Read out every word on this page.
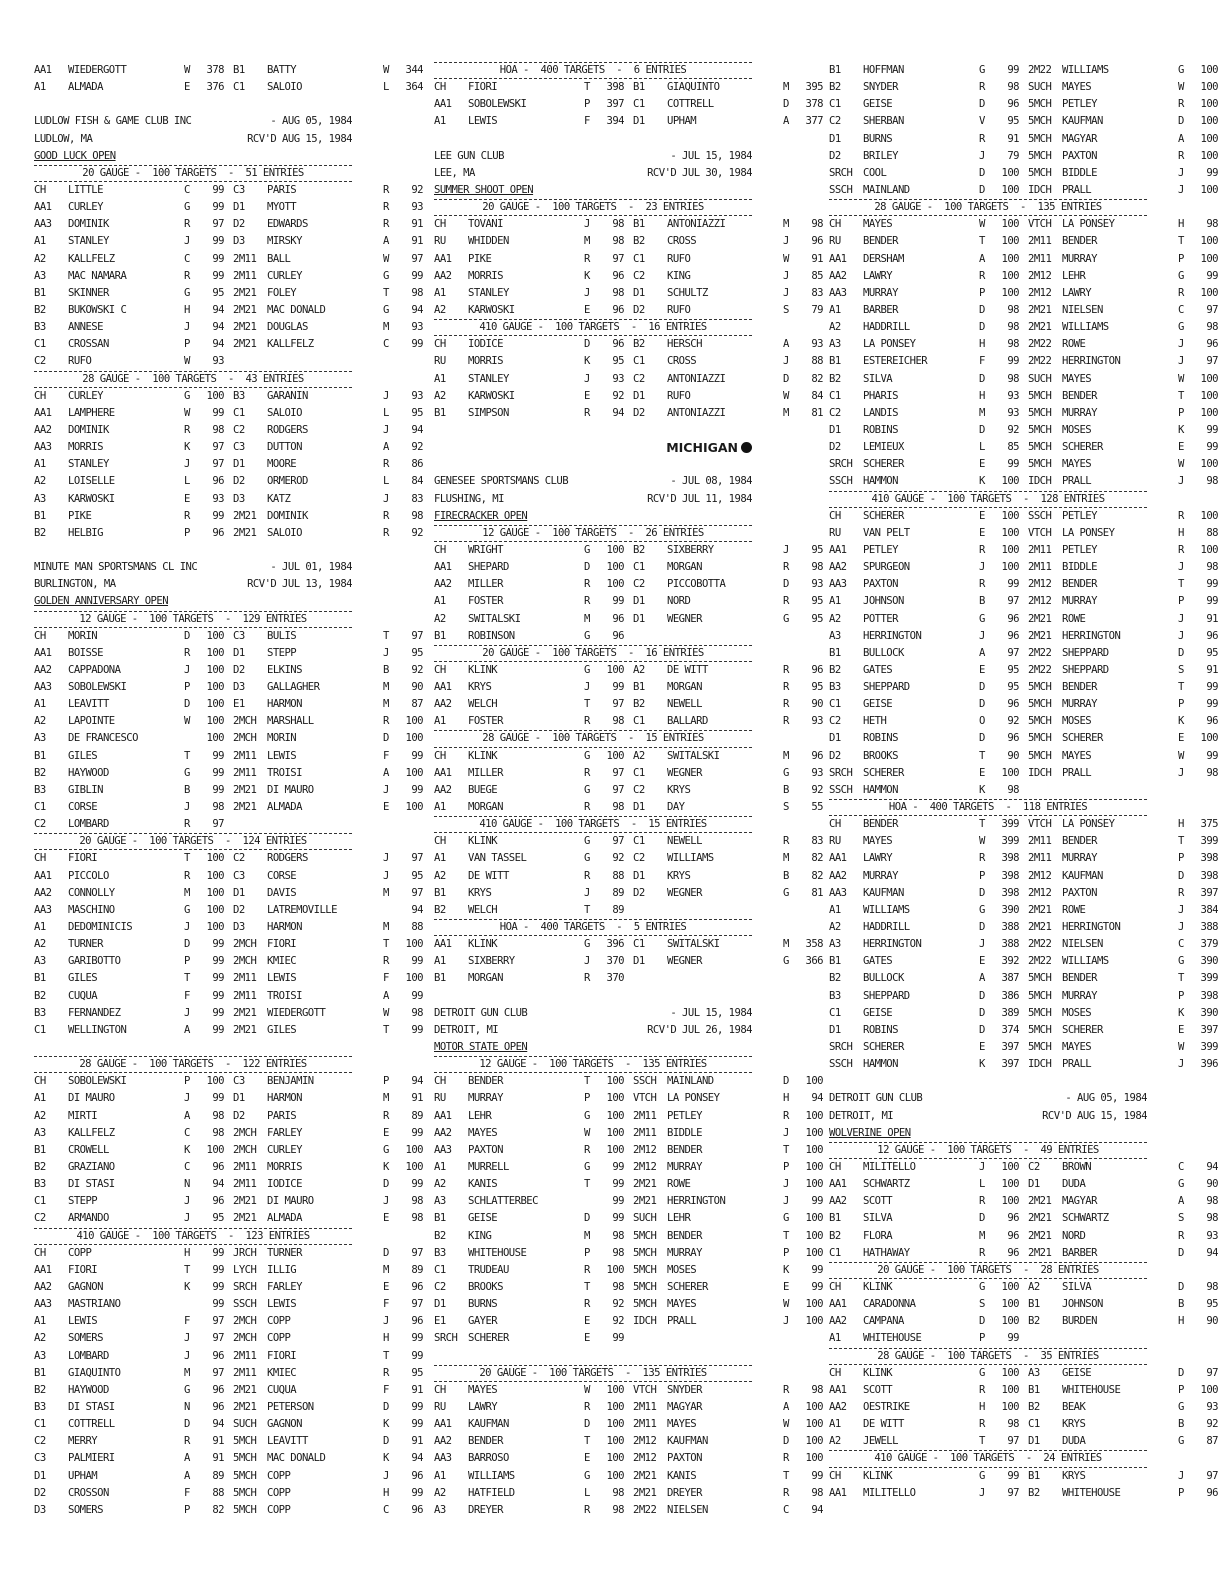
AA1	WIEDERGOTT	W	378 B1	BATTY	W	344
A1	ALMADA	E	376 C1	SALOIO	L	364
LUDLOW FISH & GAME CLUB INC	- AUG 05, 1984
LUDLOW, MA	RCV'D AUG 15, 1984
GOOD LUCK OPEN
20 GAUGE -  100 TARGETS  -  51 ENTRIES
CH	LITTLE	C	99 C3	PARIS	R	92
AA1	CURLEY	G	99 D1	MYOTT	R	93
AA3	DOMINIK	R	97 D2	EDWARDS	R	91
A1	STANLEY	J	99 D3	MIRSKY	A	91
A2	KALLFELZ	C	99 2M11	BALL	W	97
A3	MAC NAMARA	R	99 2M11	CURLEY	G	99
B1	SKINNER	G	95 2M21	FOLEY	T	98
B2	BUKOWSKI C	H	94 2M21	MAC DONALD	G	94
B3	ANNESE	J	94 2M21	DOUGLAS	M	93
C1	CROSSAN	P	94 2M21	KALLFELZ	C	99
C2	RUFO	W	93
28 GAUGE -  100 TARGETS  -  43 ENTRIES
CH	CURLEY	G	100 B3	GARANIN	J	93
AA1	LAMPHERE	W	99 C1	SALOIO	L	95
AA2	DOMINIK	R	98 C2	RODGERS	J	94
AA3	MORRIS	K	97 C3	DUTTON	A	92
A1	STANLEY	J	97 D1	MOORE	R	86
A2	LOISELLE	L	96 D2	ORMEROD	L	84
A3	KARWOSKI	E	93 D3	KATZ	J	83
B1	PIKE	R	99 2M21	DOMINIK	R	98
B2	HELBIG	P	96 2M21	SALOIO	R	92
MINUTE MAN SPORTSMANS CL INC	- JUL 01, 1984
BURLINGTON, MA	RCV'D JUL 13, 1984
GOLDEN ANNIVERSARY OPEN
12 GAUGE -  100 TARGETS  -  129 ENTRIES
CH	MORIN	D	100 C3	BULIS	T	97
AA1	BOISSE	R	100 D1	STEPP	J	95
AA2	CAPPADONA	J	100 D2	ELKINS	B	92
AA3	SOBOLEWSKI	P	100 D3	GALLAGHER	M	90
A1	LEAVITT	D	100 E1	HARMON	M	87
A2	LAPOINTE	W	100 2MCH	MARSHALL	R	100
A3	DE FRANCESCO	100 2MCH	MORIN	D	100
B1	GILES	T	99 2M11	LEWIS	F	99
B2	HAYWOOD	G	99 2M11	TROISI	A	100
B3	GIBLIN	B	99 2M21	DI MAURO	J	99
C1	CORSE	J	98 2M21	ALMADA	E	100
C2	LOMBARD	R	97
20 GAUGE -  100 TARGETS  -  124 ENTRIES
CH	FIORI	T	100 C2	RODGERS	J	97
AA1	PICCOLO	R	100 C3	CORSE	J	95
AA2	CONNOLLY	M	100 D1	DAVIS	M	97
AA3	MASCHINO	G	100 D2	LATREMOVILLE	94
A1	DEDOMINICIS	J	100 D3	HARMON	M	88
A2	TURNER	D	99 2MCH	FIORI	T	100
A3	GARIBOTTO	P	99 2MCH	KMIEC	R	99
B1	GILES	T	99 2M11	LEWIS	F	100
B2	CUQUA	F	99 2M11	TROISI	A	99
B3	FERNANDEZ	J	99 2M21	WIEDERGOTT	W	98
C1	WELLINGTON	A	99 2M21	GILES	T	99
28 GAUGE -  100 TARGETS  -  122 ENTRIES
CH	SOBOLEWSKI	P	100 C3	BENJAMIN	P	94
A1	DI MAURO	J	99 D1	HARMON	M	91
A2	MIRTI	A	98 D2	PARIS	R	89
A3	KALLFELZ	C	98 2MCH	FARLEY	E	99
B1	CROWELL	K	100 2MCH	CURLEY	G	100
B2	GRAZIANO	C	96 2M11	MORRIS	K	100
B3	DI STASI	N	94 2M11	IODICE	D	99
C1	STEPP	J	96 2M21	DI MAURO	J	98
C2	ARMANDO	J	95 2M21	ALMADA	E	98
410 GAUGE -  100 TARGETS  -  123 ENTRIES
CH	COPP	H	99 JRCH	TURNER	D	97
AA1	FIORI	T	99 LYCH	ILLIG	M	89
AA2	GAGNON	K	99 SRCH	FARLEY	E	96
AA3	MASTRIANO	99 SSCH	LEWIS	F	97
A1	LEWIS	F	97 2MCH	COPP	J	96
A2	SOMERS	J	97 2MCH	COPP	H	99
A3	LOMBARD	J	96 2M11	FIORI	T	99
B1	GIAQUINTO	M	97 2M11	KMIEC	R	95
B2	HAYWOOD	G	96 2M21	CUQUA	F	91
B3	DI STASI	N	96 2M21	PETERSON	D	99
C1	COTTRELL	D	94 SUCH	GAGNON	K	99
C2	MERRY	R	91 5MCH	LEAVITT	D	91
C3	PALMIERI	A	91 5MCH	MAC DONALD	K	94
D1	UPHAM	A	89 5MCH	COPP	J	96
D2	CROSSON	F	88 5MCH	COPP	H	99
D3	SOMERS	P	82 5MCH	COPP	C	96
HOA -  400 TARGETS  -  6 ENTRIES
CH	FIORI	T	398 B1	GIAQUINTO	M	395
AA1	SOBOLEWSKI	P	397 C1	COTTRELL	D	378
A1	LEWIS	F	394 D1	UPHAM	A	377
LEE GUN CLUB	- JUL 15, 1984
LEE, MA	RCV'D JUL 30, 1984
SUMMER SHOOT OPEN
20 GAUGE -  100 TARGETS  -  23 ENTRIES
CH	TOVANI	J	98 B1	ANTONIAZZI	M	98
RU	WHIDDEN	M	98 B2	CROSS	J	96
AA1	PIKE	R	97 C1	RUFO	W	91
AA2	MORRIS	K	96 C2	KING	J	85
A1	STANLEY	J	98 D1	SCHULTZ	J	83
A2	KARWOSKI	E	96 D2	RUFO	S	79
410 GAUGE -  100 TARGETS  -  16 ENTRIES
CH	IODICE	D	96 B2	HERSCH	A	93
RU	MORRIS	K	95 C1	CROSS	J	88
A1	STANLEY	J	93 C2	ANTONIAZZI	D	82
A2	KARWOSKI	E	92 D1	RUFO	W	84
B1	SIMPSON	R	94 D2	ANTONIAZZI	M	81
MICHIGAN
GENESEE SPORTSMANS CLUB	- JUL 08, 1984
FLUSHING, MI	RCV'D JUL 11, 1984
FIRECRACKER OPEN
12 GAUGE -  100 TARGETS  -  26 ENTRIES
CH	WRIGHT	G	100 B2	SIXBERRY	J	95
AA1	SHEPARD	D	100 C1	MORGAN	R	98
AA2	MILLER	R	100 C2	PICCOBOTTA	D	93
A1	FOSTER	R	99 D1	NORD	R	95
A2	SWITALSKI	M	96 D1	WEGNER	G	95
B1	ROBINSON	G	96
20 GAUGE -  100 TARGETS  -  16 ENTRIES
CH	KLINK	G	100 A2	DE WITT	R	96
AA1	KRYS	J	99 B1	MORGAN	R	95
AA2	WELCH	T	97 B2	NEWELL	R	90
A1	FOSTER	R	98 C1	BALLARD	R	93
28 GAUGE -  100 TARGETS  -  15 ENTRIES
CH	KLINK	G	100 A2	SWITALSKI	M	96
AA1	MILLER	R	97 C1	WEGNER	G	93
AA2	BUEGE	G	97 C2	KRYS	B	92
A1	MORGAN	R	98 D1	DAY	S	55
410 GAUGE -  100 TARGETS  -  15 ENTRIES
CH	KLINK	G	97 C1	NEWELL	R	83
A1	VAN TASSEL	G	92 C2	WILLIAMS	M	82
A2	DE WITT	R	88 D1	KRYS	B	82
B1	KRYS	J	89 D2	WEGNER	G	81
B2	WELCH	T	89
HOA -  400 TARGETS  -  5 ENTRIES
AA1	KLINK	G	396 C1	SWITALSKI	M	358
A1	SIXBERRY	J	370 D1	WEGNER	G	366
B1	MORGAN	R	370
DETROIT GUN CLUB	- JUL 15, 1984
DETROIT, MI	RCV'D JUL 26, 1984
MOTOR STATE OPEN
12 GAUGE -  100 TARGETS  -  135 ENTRIES
CH	BENDER	T	100 SSCH	MAINLAND	D	100
RU	MURRAY	P	100 VTCH	LA PONSEY	H	94
AA1	LEHR	G	100 2M11	PETLEY	R	100
AA2	MAYES	W	100 2M11	BIDDLE	J	100
AA3	PAXTON	R	100 2M12	BENDER	T	100
A1	MURRELL	G	99 2M12	MURRAY	P	100
A2	KANIS	T	99 2M21	ROWE	J	100
A3	SCHLATTERBEC	99 2M21	HERRINGTON	J	99
B1	GEISE	D	99 SUCH	LEHR	G	100
B2	KING	M	98 5MCH	BENDER	T	100
B3	WHITEHOUSE	P	98 5MCH	MURRAY	P	100
C1	TRUDEAU	R	100 5MCH	MOSES	K	99
C2	BROOKS	T	98 5MCH	SCHERER	E	99
D1	BURNS	R	92 5MCH	MAYES	W	100
E1	GAYER	E	92 IDCH	PRALL	J	100
SRCH	SCHERER	E	99
20 GAUGE -  100 TARGETS  -  135 ENTRIES
CH	MAYES	W	100 VTCH	SNYDER	R	98
RU	LAWRY	R	100 2M11	MAGYAR	A	100
AA1	KAUFMAN	D	100 2M11	MAYES	W	100
AA2	BENDER	T	100 2M12	KAUFMAN	D	100
AA3	BARROSO	E	100 2M12	PAXTON	R	100
A1	WILLIAMS	G	100 2M21	KANIS	T	99
A2	HATFIELD	L	98 2M21	DREYER	R	98
A3	DREYER	R	98 2M22	NIELSEN	C	94
B1	HOFFMAN	G	99 2M22	WILLIAMS	G	100
B2	SNYDER	R	98 SUCH	MAYES	W	100
C1	GEISE	D	96 5MCH	PETLEY	R	100
C2	SHERBAN	V	95 5MCH	KAUFMAN	D	100
D1	BURNS	R	91 5MCH	MAGYAR	A	100
D2	BRILEY	J	79 5MCH	PAXTON	R	100
SRCH	COOL	D	100 5MCH	BIDDLE	J	99
SSCH	MAINLAND	D	100 IDCH	PRALL	J	100
28 GAUGE -  100 TARGETS  -  135 ENTRIES
CH	MAYES	W	100 VTCH	LA PONSEY	H	98
RU	BENDER	T	100 2M11	BENDER	T	100
AA1	DERSHAM	A	100 2M11	MURRAY	P	100
AA2	LAWRY	R	100 2M12	LEHR	G	99
AA3	MURRAY	P	100 2M12	LAWRY	R	100
A1	BARBER	D	98 2M21	NIELSEN	C	97
A2	HADDRILL	D	98 2M21	WILLIAMS	G	98
A3	LA PONSEY	H	98 2M22	ROWE	J	96
B1	ESTEREICHER	F	99 2M22	HERRINGTON	J	97
B2	SILVA	D	98 SUCH	MAYES	W	100
C1	PHARIS	H	93 5MCH	BENDER	T	100
C2	LANDIS	M	93 5MCH	MURRAY	P	100
D1	ROBINS	D	92 5MCH	MOSES	K	99
D2	LEMIEUX	L	85 5MCH	SCHERER	E	99
SRCH	SCHERER	E	99 5MCH	MAYES	W	100
SSCH	HAMMON	K	100 IDCH	PRALL	J	98
410 GAUGE -  100 TARGETS  -  128 ENTRIES
CH	SCHERER	E	100 SSCH	PETLEY	R	100
RU	VAN PELT	E	100 VTCH	LA PONSEY	H	88
AA1	PETLEY	R	100 2M11	PETLEY	R	100
AA2	SPURGEON	J	100 2M11	BIDDLE	J	98
AA3	PAXTON	R	99 2M12	BENDER	T	99
A1	JOHNSON	B	97 2M12	MURRAY	P	99
A2	POTTER	G	96 2M21	ROWE	J	91
A3	HERRINGTON	J	96 2M21	HERRINGTON	J	96
B1	BULLOCK	A	97 2M22	SHEPPARD	D	95
B2	GATES	E	95 2M22	SHEPPARD	S	91
B3	SHEPPARD	D	95 5MCH	BENDER	T	99
C1	GEISE	D	96 5MCH	MURRAY	P	99
C2	HETH	O	92 5MCH	MOSES	K	96
D1	ROBINS	D	96 5MCH	SCHERER	E	100
D2	BROOKS	T	90 5MCH	MAYES	W	99
SRCH	SCHERER	E	100 IDCH	PRALL	J	98
SSCH	HAMMON	K	98
HOA -  400 TARGETS  -  118 ENTRIES
CH	BENDER	T	399 VTCH	LA PONSEY	H	375
RU	MAYES	W	399 2M11	BENDER	T	399
AA1	LAWRY	R	398 2M11	MURRAY	P	398
AA2	MURRAY	P	398 2M12	KAUFMAN	D	398
AA3	KAUFMAN	D	398 2M12	PAXTON	R	397
A1	WILLIAMS	G	390 2M21	ROWE	J	384
A2	HADDRILL	D	388 2M21	HERRINGTON	J	388
A3	HERRINGTON	J	388 2M22	NIELSEN	C	379
B1	GATES	E	392 2M22	WILLIAMS	G	390
B2	BULLOCK	A	387 5MCH	BENDER	T	399
B3	SHEPPARD	D	386 5MCH	MURRAY	P	398
C1	GEISE	D	389 5MCH	MOSES	K	390
D1	ROBINS	D	374 5MCH	SCHERER	E	397
SRCH	SCHERER	E	397 5MCH	MAYES	W	399
SSCH	HAMMON	K	397 IDCH	PRALL	J	396
DETROIT GUN CLUB	- AUG 05, 1984
DETROIT, MI	RCV'D AUG 15, 1984
WOLVERINE OPEN
12 GAUGE -  100 TARGETS  -  49 ENTRIES
CH	MILITELLO	J	100 C2	BROWN	C	94
AA1	SCHWARTZ	L	100 D1	DUDA	G	90
AA2	SCOTT	R	100 2M21	MAGYAR	A	98
B1	SILVA	D	96 2M21	SCHWARTZ	S	98
B2	FLORA	M	96 2M21	NORD	R	93
C1	HATHAWAY	R	96 2M21	BARBER	D	94
20 GAUGE -  100 TARGETS  -  28 ENTRIES
CH	KLINK	G	100 A2	SILVA	D	98
AA1	CARADONNA	S	100 B1	JOHNSON	B	95
AA2	CAMPANA	D	100 B2	BURDEN	H	90
A1	WHITEHOUSE	P	99
28 GAUGE -  100 TARGETS  -  35 ENTRIES
CH	KLINK	G	100 A3	GEISE	D	97
AA1	SCOTT	R	100 B1	WHITEHOUSE	P	100
AA2	OESTRIKE	H	100 B2	BEAK	G	93
A1	DE WITT	R	98 C1	KRYS	B	92
A2	JEWELL	T	97 D1	DUDA	G	87
410 GAUGE -  100 TARGETS  -  24 ENTRIES
CH	KLINK	G	99 B1	KRYS	J	97
AA1	MILITELLO	J	97 B2	WHITEHOUSE	P	96
